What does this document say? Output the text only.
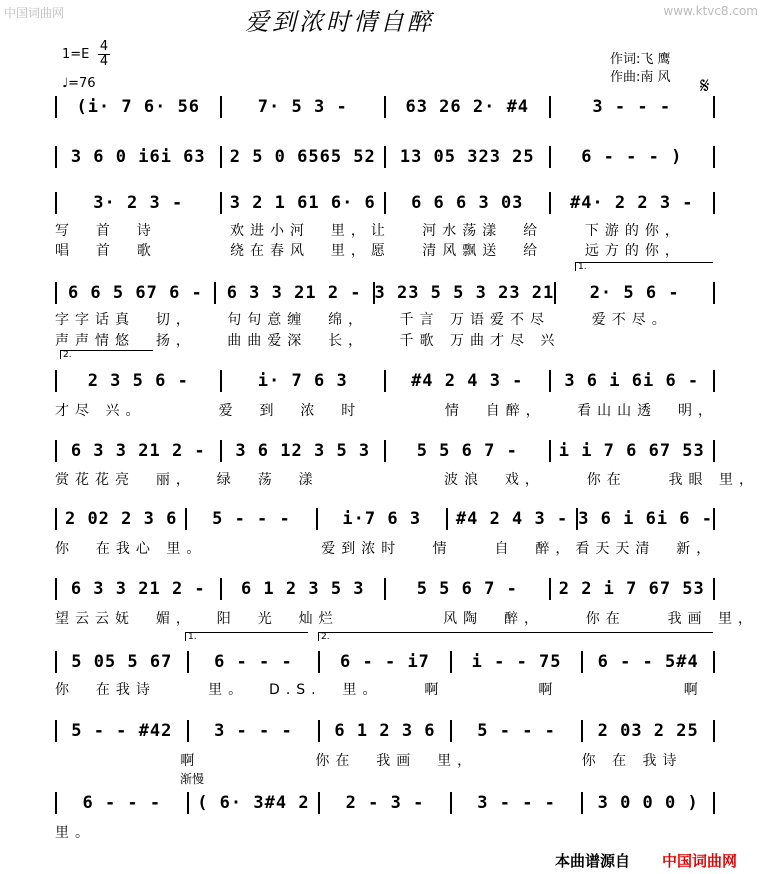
中国词曲网	www.ktvc8.com
爱到浓时情自醉
$1=E \frac{4}{4}$
♩=76
作词:飞 鹰
作曲:南 风 𝄋
(i· 7 6· 56	7· 5 3 -	63 26 2· #4	3 - - -
3 6 0 i6i 63	2 5 0 6565 52	13 05 323 25	6 - - - )
3· 2 3 -	3 2 1 61 6· 6	6 6 6 3 03	#4· 2 2 3 -
6 6 5 67 6 -	6 3 3 21 2 - 3 23 5 5 3 23 21	2· 5 6 -
2 3 5 6 -	i· 7 6 3	#4 2 4 3 -	3 6 i 6i 6 -
6 3 3 21 2 -	3 6 12 3 5 3	5 5 6 7 -	i i 7 6 67 53
2 02 2 3 6	5 - - -	i·7 6 3	#4 2 4 3 - 3 6 i 6i 6 -
6 3 3 21 2 -	6 1 2 3 5 3	5 5 6 7 -	2 2 i 7 67 53
5 05 5 67	6 - - -	6 - - i7	i - - 75	6 - - 5#4
5 - - #42	3 - - -	6 1 2 3 6	5 - - -	2 03 2 25
6 - - -	( 6· 3#4 2	2 - 3 -	3 - - -	3 0 0 0 )
写  首  诗       欢进小河  里，让   河水荡漾  给    下游的你，
唱  首  歌       绕在春风  里，愿   清风飘送  给    远方的你，
字字话真  切，   句句意缠  绵，   千言 万语爱不尽    爱不尽。
声声情悠  扬，   曲曲爱深  长，   千歌 万曲才尽 兴
才尽 兴。       爱  到  浓  时        情  自醉，   看山山透  明，
赏花花亮  丽，  绿  荡  漾            波浪  戏，    你在    我眼 里，
你  在我心 里。           爱到浓时   情    自  醉，看天天清  新，
望云云妩  媚，  阳  光  灿烂          风陶  醉，    你在    我画 里，
你  在我诗     里。  D.S.  里。    啊         啊            啊
啊           你在  我画  里，          你 在 我诗
里。
1.
2.
1.	2.
渐慢
本曲谱源自 中国词曲网
